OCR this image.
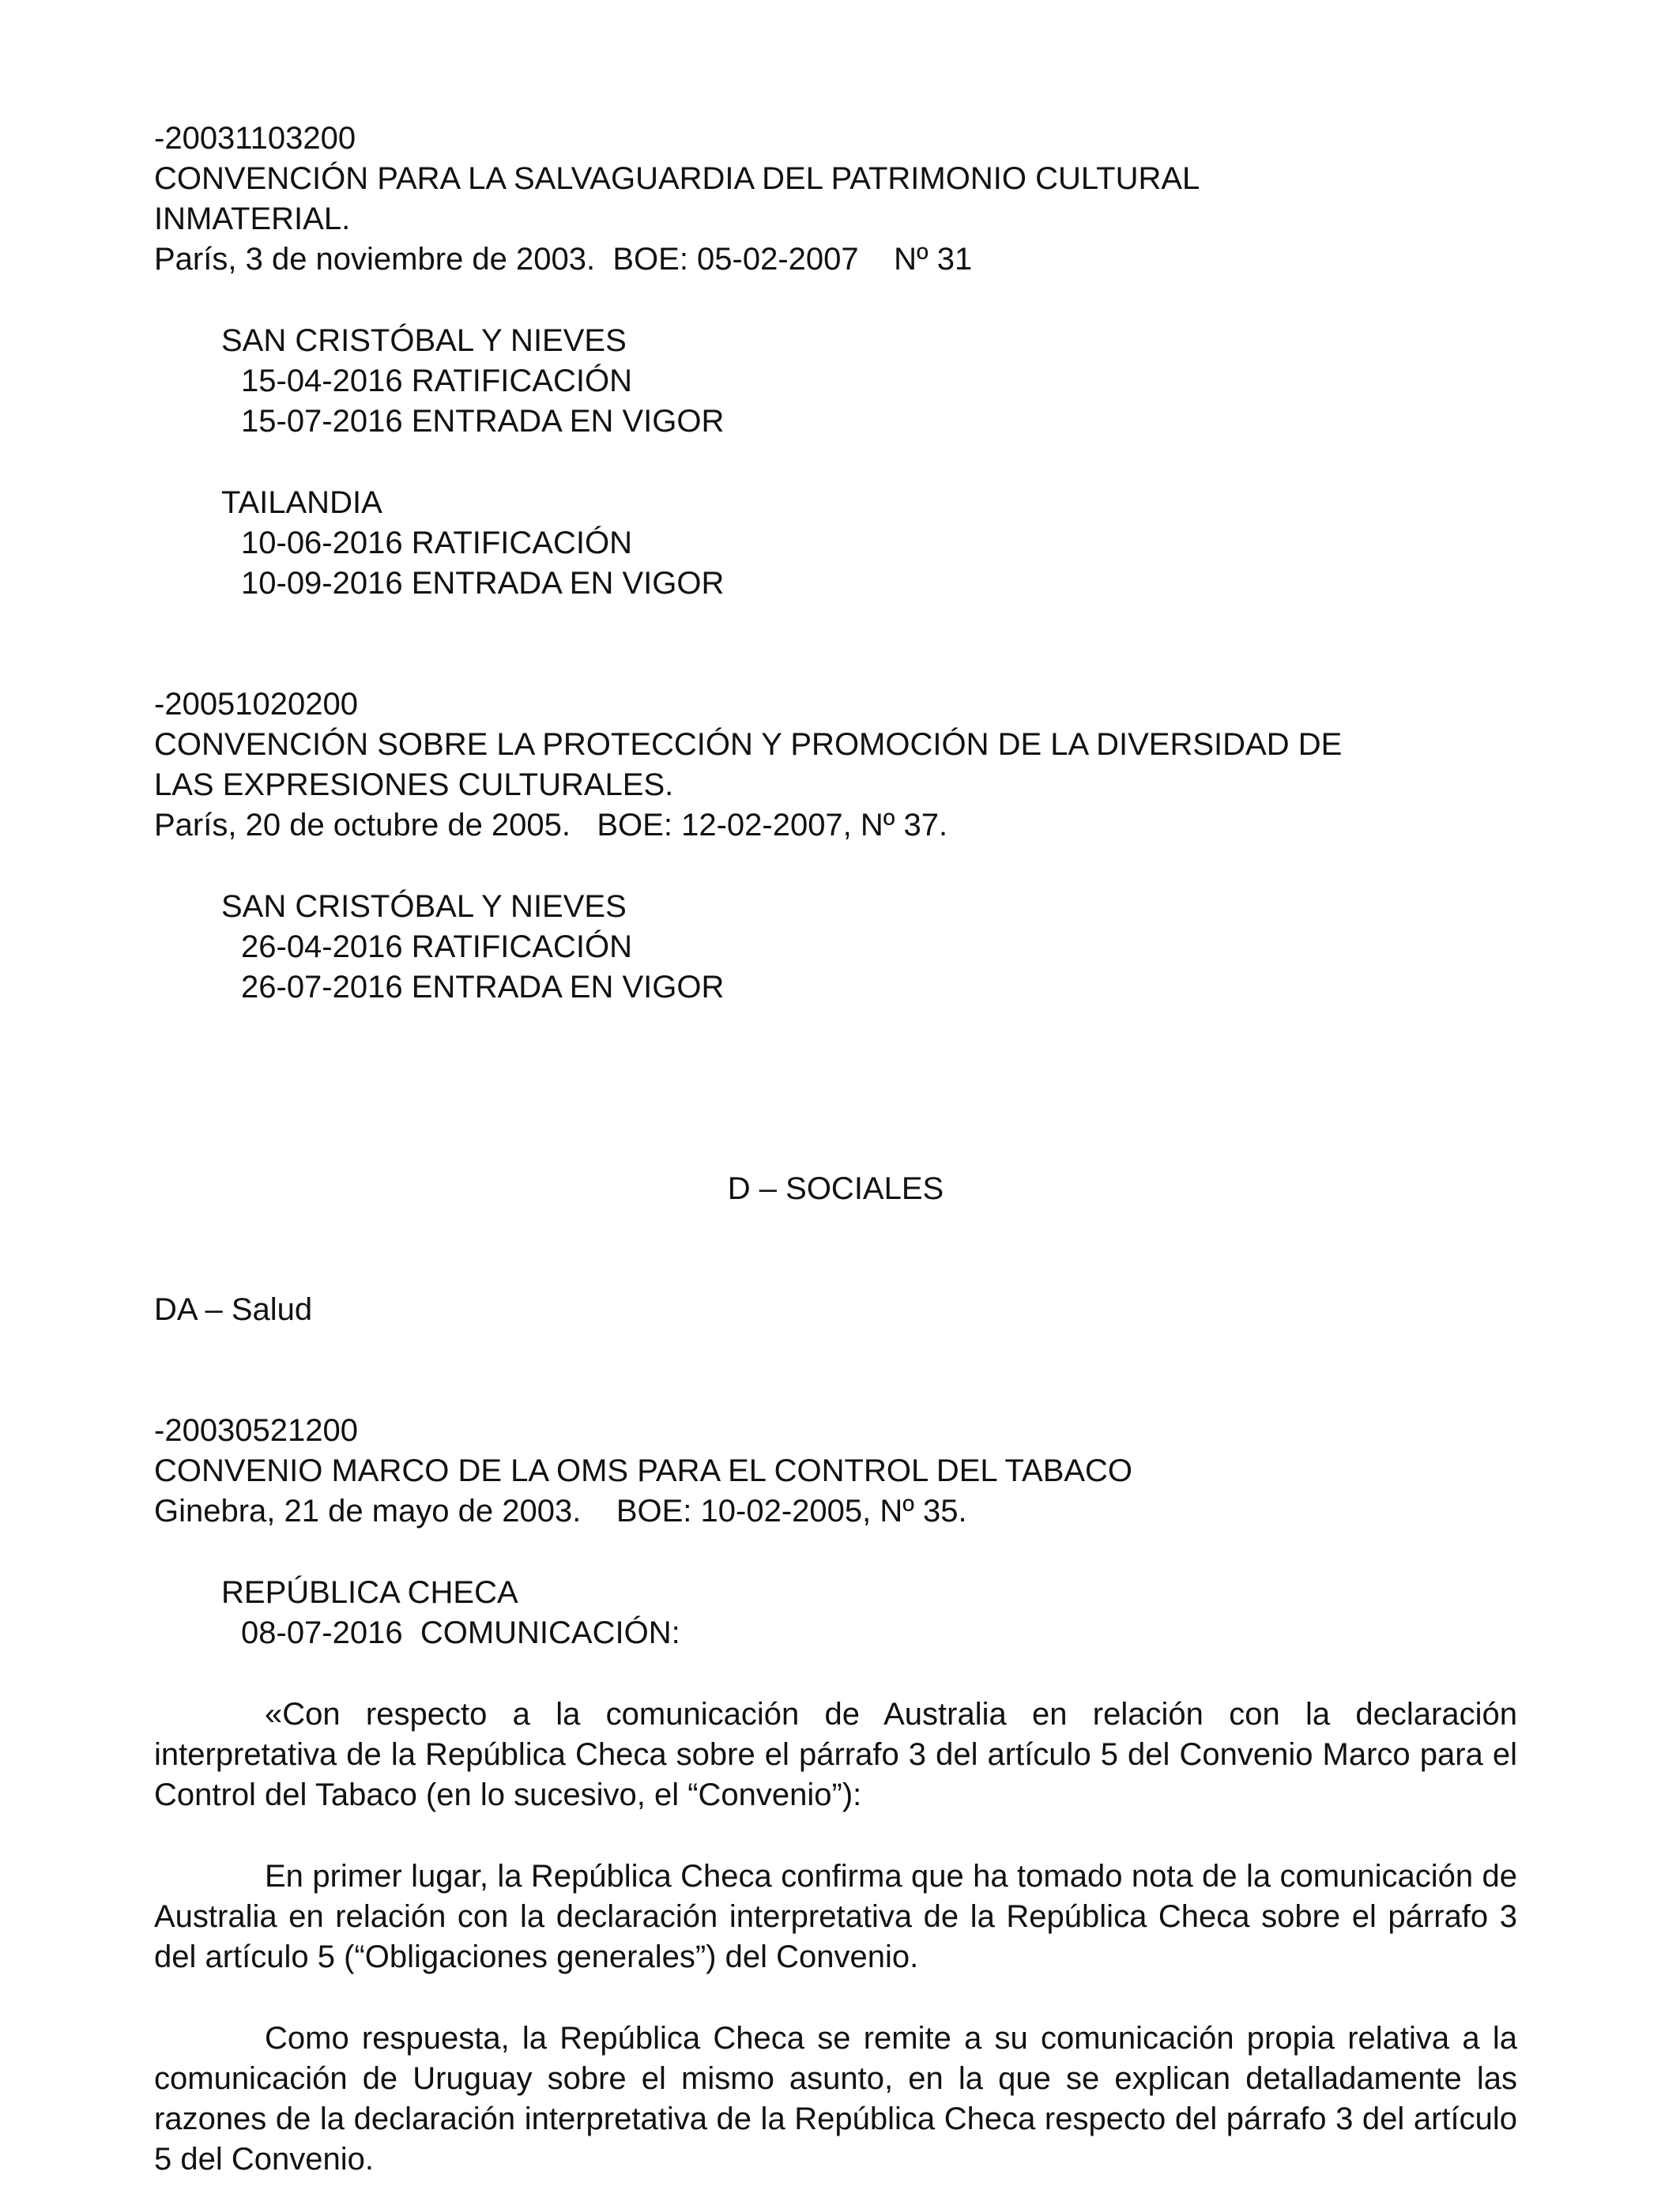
-20031103200
CONVENCIÓN PARA LA SALVAGUARDIA DEL PATRIMONIO CULTURAL
INMATERIAL.
París, 3 de noviembre de 2003.  BOE: 05-02-2007    Nº 31
SAN CRISTÓBAL Y NIEVES
15-04-2016 RATIFICACIÓN
15-07-2016 ENTRADA EN VIGOR
TAILANDIA
10-06-2016 RATIFICACIÓN
10-09-2016 ENTRADA EN VIGOR
-20051020200
CONVENCIÓN SOBRE LA PROTECCIÓN Y PROMOCIÓN DE LA DIVERSIDAD DE
LAS EXPRESIONES CULTURALES.
París, 20 de octubre de 2005.   BOE: 12-02-2007, Nº 37.
SAN CRISTÓBAL Y NIEVES
26-04-2016 RATIFICACIÓN
26-07-2016 ENTRADA EN VIGOR
D – SOCIALES
DA – Salud
-20030521200
CONVENIO MARCO DE LA OMS PARA EL CONTROL DEL TABACO
Ginebra, 21 de mayo de 2003.    BOE: 10-02-2005, Nº 35.
REPÚBLICA CHECA
08-07-2016  COMUNICACIÓN:
«Con respecto a la comunicación de Australia en relación con la declaración interpretativa de la República Checa sobre el párrafo 3 del artículo 5 del Convenio Marco para el Control del Tabaco (en lo sucesivo, el “Convenio”):
En primer lugar, la República Checa confirma que ha tomado nota de la comunicación de Australia en relación con la declaración interpretativa de la República Checa sobre el párrafo 3 del artículo 5 (“Obligaciones generales”) del Convenio.
Como respuesta, la República Checa se remite a su comunicación propia relativa a la comunicación de Uruguay sobre el mismo asunto, en la que se explican detalladamente las razones de la declaración interpretativa de la República Checa respecto del párrafo 3 del artículo 5 del Convenio.
